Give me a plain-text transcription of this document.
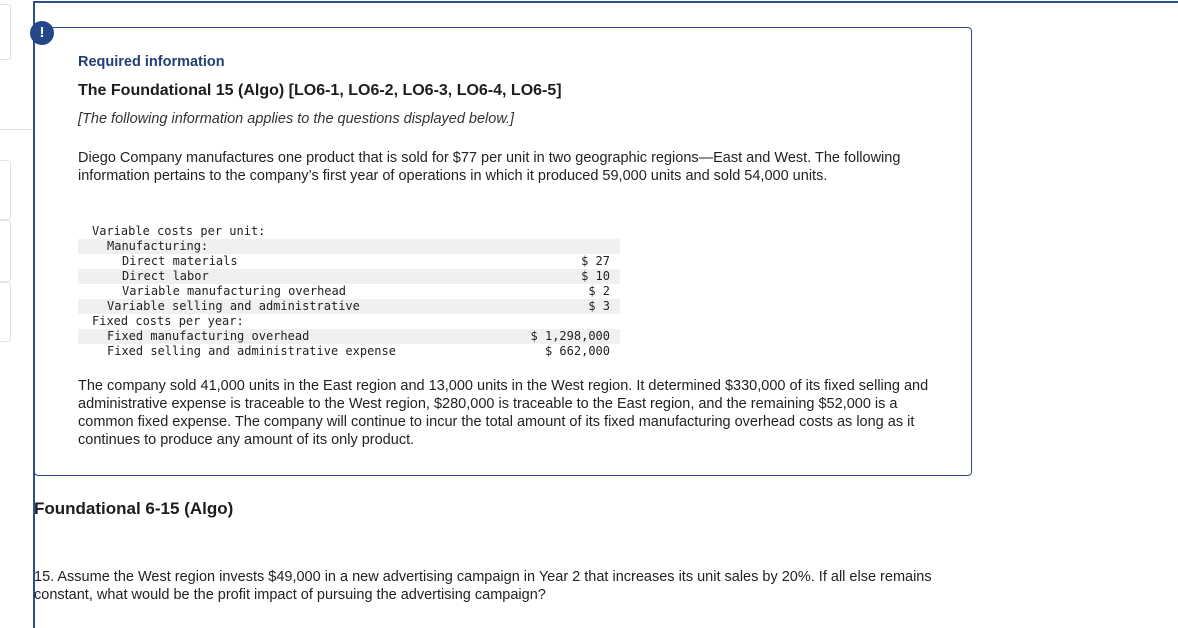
!
Required information
The Foundational 15 (Algo) [LO6-1, LO6-2, LO6-3, LO6-4, LO6-5]
[The following information applies to the questions displayed below.]
Diego Company manufactures one product that is sold for $77 per unit in two geographic regions—East and West. The following information pertains to the company’s first year of operations in which it produced 59,000 units and sold 54,000 units.
Variable costs per unit:	
Manufacturing:	
Direct materials	$ 27
Direct labor	$ 10
Variable manufacturing overhead	$ 2
Variable selling and administrative	$ 3
Fixed costs per year:	
Fixed manufacturing overhead	$ 1,298,000
Fixed selling and administrative expense	$ 662,000
The company sold 41,000 units in the East region and 13,000 units in the West region. It determined $330,000 of its fixed selling and administrative expense is traceable to the West region, $280,000 is traceable to the East region, and the remaining $52,000 is a common fixed expense. The company will continue to incur the total amount of its fixed manufacturing overhead costs as long as it continues to produce any amount of its only product.
Foundational 6-15 (Algo)
15. Assume the West region invests $49,000 in a new advertising campaign in Year 2 that increases its unit sales by 20%. If all else remains constant, what would be the profit impact of pursuing the advertising campaign?
